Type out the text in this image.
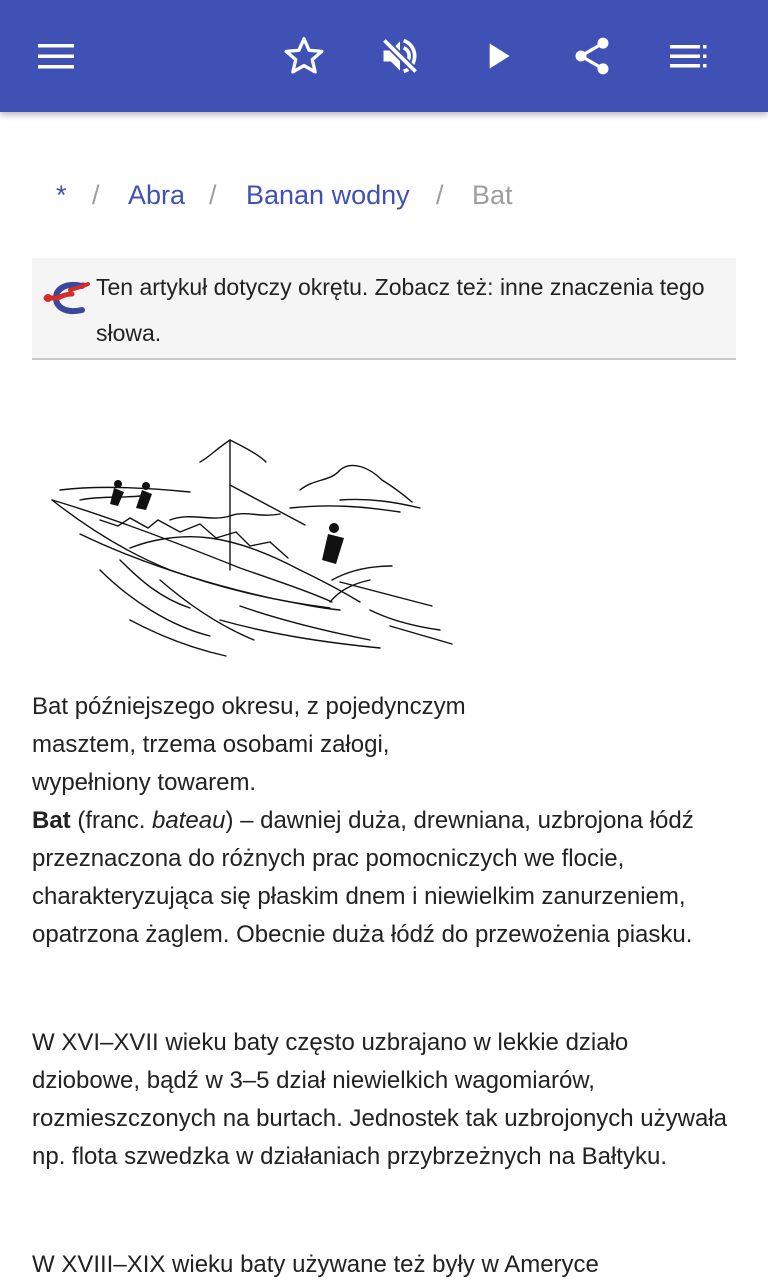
* / Abra / Banan wodny / Bat
Ten artykuł dotyczy okrętu. Zobacz też: inne znaczenia tego słowa.
Bat późniejszego okresu, z pojedynczym masztem, trzema osobami załogi, wypełniony towarem.

Bat (franc. bateau) – dawniej duża, drewniana, uzbrojona łódź przeznaczona do różnych prac pomocniczych we flocie, charakteryzująca się płaskim dnem i niewielkim zanurzeniem, opatrzona żaglem. Obecnie duża łódź do przewożenia piasku.

W XVI–XVII wieku baty często uzbrajano w lekkie działo dziobowe, bądź w 3–5 dział niewielkich wagomiarów, rozmieszczonych na burtach. Jednostek tak uzbrojonych używała np. flota szwedzka w działaniach przybrzeżnych na Bałtyku.

W XVIII–XIX wieku baty używane też były w Ameryce
